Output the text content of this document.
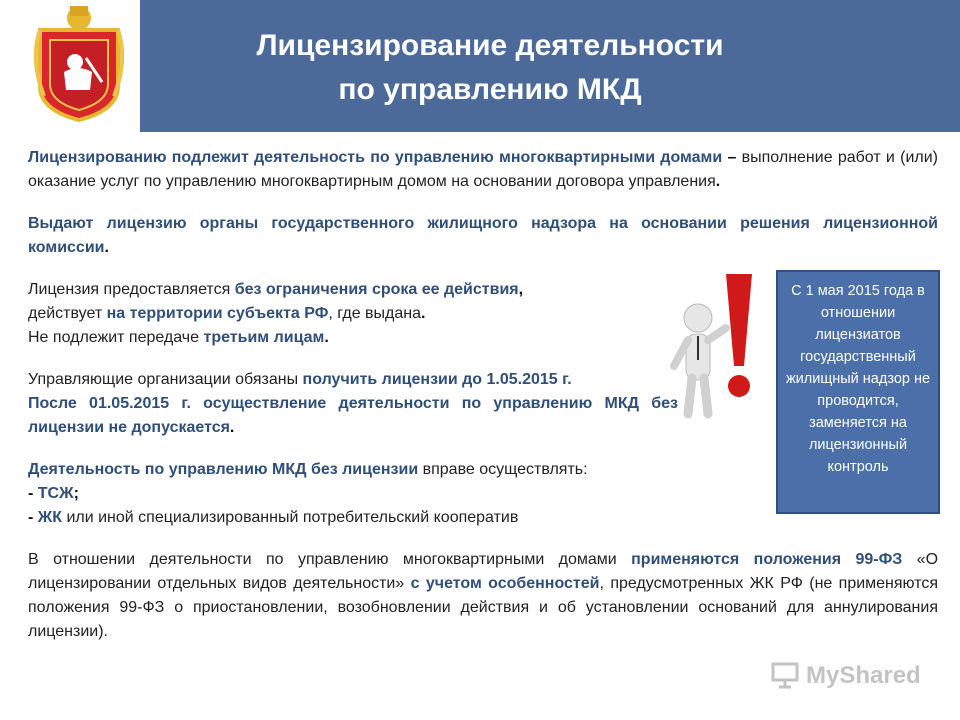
Лицензирование деятельности
по управлению МКД

Лицензированию подлежит деятельность по управлению многоквартирными домами – выполнение работ и (или) оказание услуг по управлению многоквартирным домом на основании договора управления.

Выдают лицензию органы государственного жилищного надзора на основании решения лицензионной комиссии.

Лицензия предоставляется без ограничения срока ее действия,
действует на территории субъекта РФ, где выдана.
Не подлежит передаче третьим лицам.

Управляющие организации обязаны получить лицензии до 1.05.2015 г.
После 01.05.2015 г. осуществление деятельности по управлению МКД без лицензии не допускается.

Деятельность по управлению МКД без лицензии вправе осуществлять:
- ТСЖ;
- ЖК или иной специализированный потребительский кооператив

В отношении деятельности по управлению многоквартирными домами применяются положения 99-ФЗ «О лицензировании отдельных видов деятельности» с учетом особенностей, предусмотренных ЖК РФ (не применяются положения 99-ФЗ о приостановлении, возобновлении действия и об установлении оснований для аннулирования лицензии).

С 1 мая 2015 года в отношении лицензиатов государственный жилищный надзор не проводится, заменяется на лицензионный контроль
MyShared
